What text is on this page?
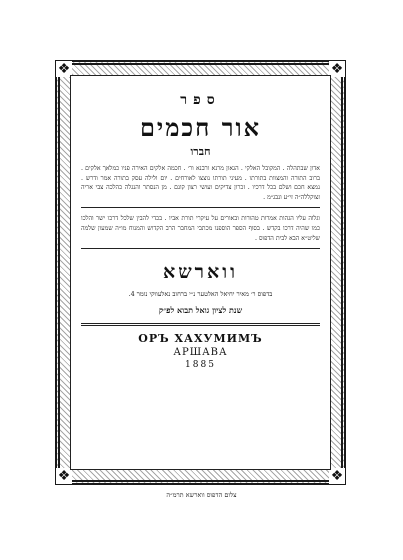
❖	❖
❖	❖
ספר
אור חכמים
חברו
אדון שבתהלה . המקובל האלקי . הגאון מרנא ורבנא ור׳ . חכמה אלקים האירה פניו כמלאך אלקים . ברוב התורה והמצוות בתורתו . מעיני תורתו נוצצו לאורחים . יום ולילה עסק בתורה אמר ודרש . נמצא חכם ושלם בכל דרכיו . זכרון צדיקים ועושי רצון קונם . מן הנסתר והנגלה כהלכה צבי אריה זצוקללה״ה זי״ע ונבג״מ .
וגלוה עליו הגהות אמרות טהורות ובאורים על עיקרי תורת אביו . בכדי להבין שלכל דרכו ישר והלכו כמו שהיה דרכו בקדש . בסוף הספר הוספנו מכתבי המחבר הרב הקדוש והמנוח מו״ה שמעון שלמה שליט״א הבא לבית הדפוס .
ווארשא
בדפוס ר׳ מאיר יחיאל האלטער נ״י ברחוב נאלעווקי נומר 4.
שנת לציון גואל תבוא לפ״ק
ОРЪ ХАХУМИМЪ
АРШАВА
1885
צלום הדפוס ווארשא תרמ״ה
